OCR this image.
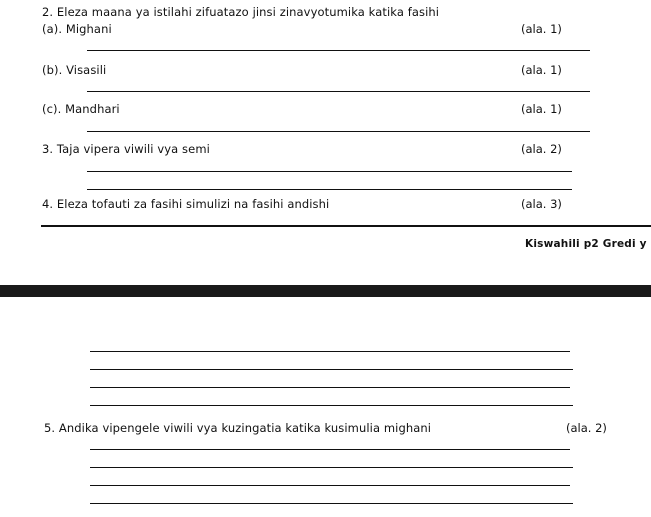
2. Eleza maana ya istilahi zifuatazo jinsi zinavyotumika katika fasihi
(a). Mighani	(ala. 1)
(b). Visasili	(ala. 1)
(c). Mandhari	(ala. 1)
3. Taja vipera viwili vya semi	(ala. 2)
4. Eleza tofauti za fasihi simulizi na fasihi andishi	(ala. 3)
Kiswahili p2 Gredi y
5. Andika vipengele viwili vya kuzingatia katika kusimulia mighani	(ala. 2)
